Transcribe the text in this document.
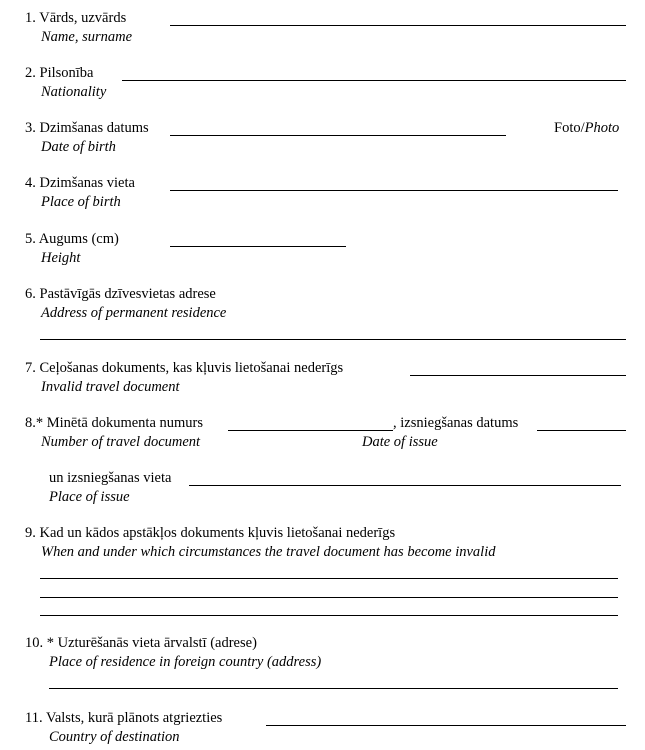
1. Vārds, uzvārds
Name, surname
2. Pilsonība
Nationality
3. Dzimšanas datums
Date of birth
Foto/Photo
4. Dzimšanas vieta
Place of birth
5. Augums (cm)
Height
6. Pastāvīgās dzīvesvietas adrese
Address of permanent residence
7. Ceļošanas dokuments, kas kļuvis lietošanai nederīgs
Invalid travel document
8.* Minētā dokumenta numurs
Number of travel document
, izsniegšanas datums
Date of issue
un izsniegšanas vieta
Place of issue
9. Kad un kādos apstākļos dokuments kļuvis lietošanai nederīgs
When and under which circumstances the travel document has become invalid
10. * Uzturēšanās vieta ārvalstī (adrese)
Place of residence in foreign country (address)
11. Valsts, kurā plānots atgriezties
Country of destination
